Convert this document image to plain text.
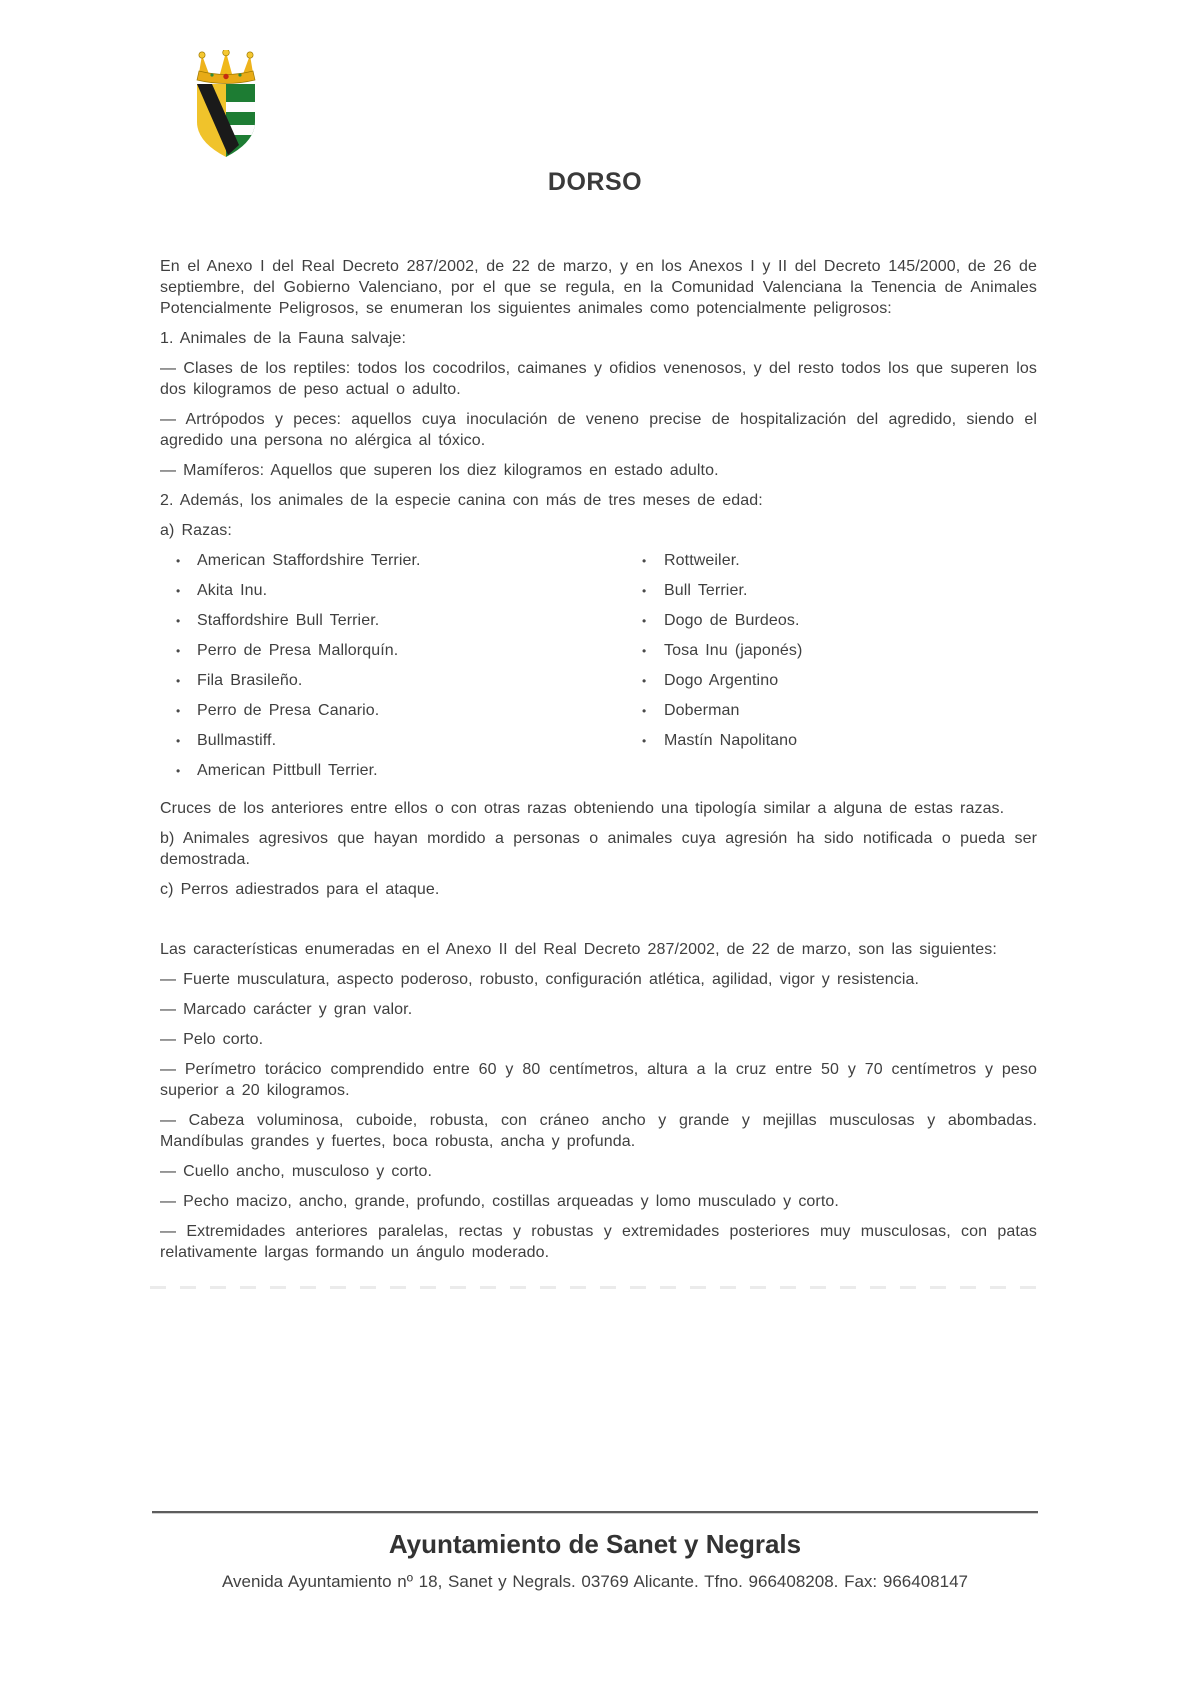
DORSO

En el Anexo I del Real Decreto 287/2002, de 22 de marzo, y en los Anexos I y II del Decreto 145/2000, de 26 de septiembre, del Gobierno Valenciano, por el que se regula, en la Comunidad Valenciana la Tenencia de Animales Potencialmente Peligrosos, se enumeran los siguientes animales como potencialmente peligrosos:

1. Animales de la Fauna salvaje:

— Clases de los reptiles: todos los cocodrilos, caimanes y ofidios venenosos, y del resto todos los que superen los dos kilogramos de peso actual o adulto.

— Artrópodos y peces: aquellos cuya inoculación de veneno precise de hospitalización del agredido, siendo el agredido una persona no alérgica al tóxico.

— Mamíferos: Aquellos que superen los diez kilogramos en estado adulto.

2. Además, los animales de la especie canina con más de tres meses de edad:

a) Razas:

• American Staffordshire Terrier.
• Akita Inu.
• Staffordshire Bull Terrier.
• Perro de Presa Mallorquín.
• Fila Brasileño.
• Perro de Presa Canario.
• Bullmastiff.
• American Pittbull Terrier.
• Rottweiler.
• Bull Terrier.
• Dogo de Burdeos.
• Tosa Inu (japonés)
• Dogo Argentino
• Doberman
• Mastín Napolitano

Cruces de los anteriores entre ellos o con otras razas obteniendo una tipología similar a alguna de estas razas.

b) Animales agresivos que hayan mordido a personas o animales cuya agresión ha sido notificada o pueda ser demostrada.

c) Perros adiestrados para el ataque.

Las características enumeradas en el Anexo II del Real Decreto 287/2002, de 22 de marzo, son las siguientes:

— Fuerte musculatura, aspecto poderoso, robusto, configuración atlética, agilidad, vigor y resistencia.

— Marcado carácter y gran valor.

— Pelo corto.

— Perímetro torácico comprendido entre 60 y 80 centímetros, altura a la cruz entre 50 y 70 centímetros y peso superior a 20 kilogramos.

— Cabeza voluminosa, cuboide, robusta, con cráneo ancho y grande y mejillas musculosas y abombadas. Mandíbulas grandes y fuertes, boca robusta, ancha y profunda.

— Cuello ancho, musculoso y corto.

— Pecho macizo, ancho, grande, profundo, costillas arqueadas y lomo musculado y corto.

— Extremidades anteriores paralelas, rectas y robustas y extremidades posteriores muy musculosas, con patas relativamente largas formando un ángulo moderado.

Ayuntamiento de Sanet y Negrals

Avenida Ayuntamiento nº 18, Sanet y Negrals. 03769 Alicante. Tfno. 966408208. Fax: 966408147
